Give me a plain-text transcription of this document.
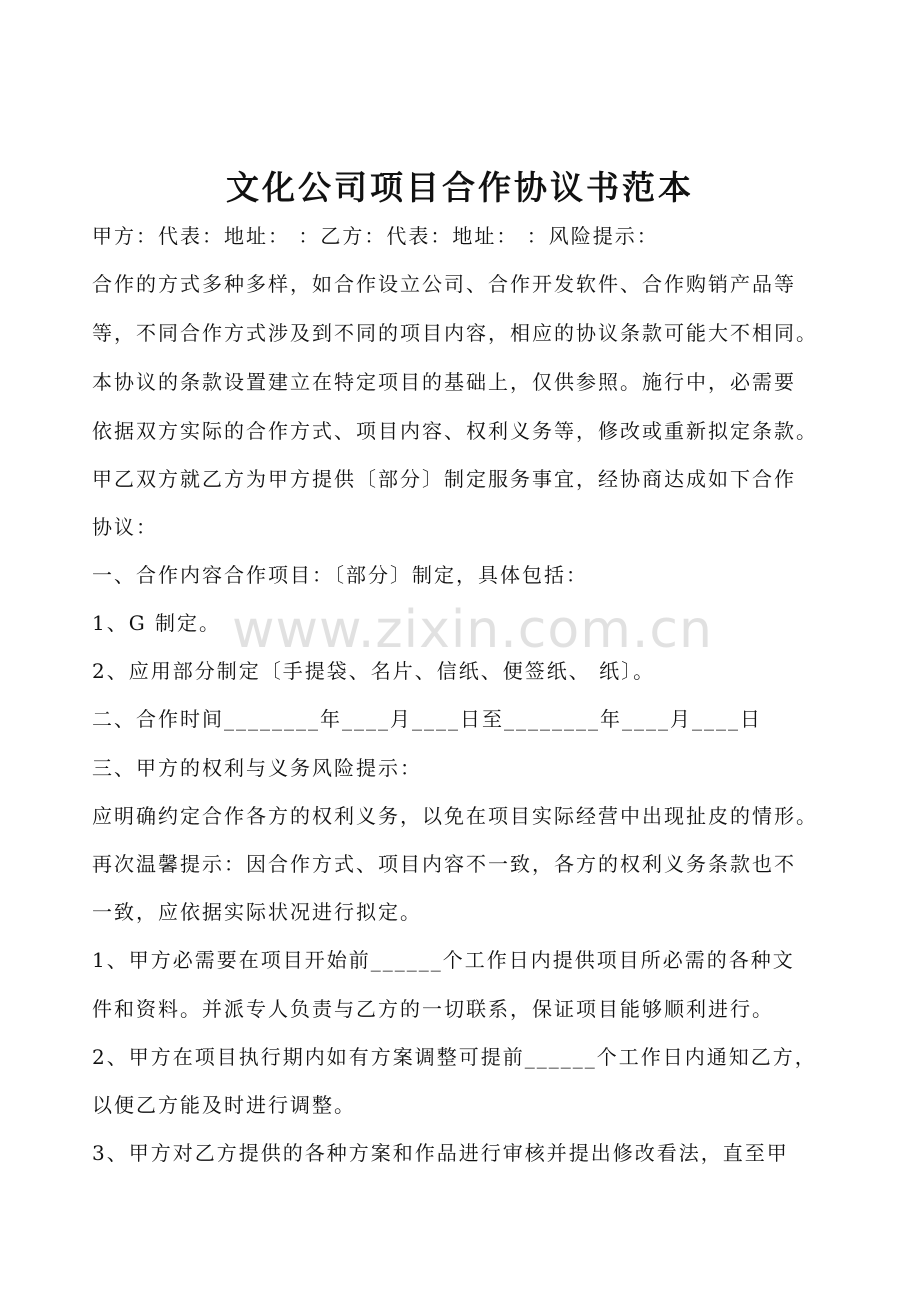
文化公司项目合作协议书范本
甲方：代表：地址： ：乙方：代表：地址： ：风险提示：
合作的方式多种多样，如合作设立公司、合作开发软件、合作购销产品等
等，不同合作方式涉及到不同的项目内容，相应的协议条款可能大不相同。
本协议的条款设置建立在特定项目的基础上，仅供参照。施行中，必需要
依据双方实际的合作方式、项目内容、权利义务等，修改或重新拟定条款。
甲乙双方就乙方为甲方提供〔部分〕制定服务事宜，经协商达成如下合作
协议：
一、合作内容合作项目：〔部分〕制定，具体包括：
1、G 制定。
2、应用部分制定〔手提袋、名片、信纸、便签纸、 纸〕。
二、合作时间________年____月____日至________年____月____日
三、甲方的权利与义务风险提示：
应明确约定合作各方的权利义务，以免在项目实际经营中出现扯皮的情形。
再次温馨提示：因合作方式、项目内容不一致，各方的权利义务条款也不
一致，应依据实际状况进行拟定。
1、甲方必需要在项目开始前______个工作日内提供项目所必需的各种文
件和资料。并派专人负责与乙方的一切联系，保证项目能够顺利进行。
2、甲方在项目执行期内如有方案调整可提前______个工作日内通知乙方，
以便乙方能及时进行调整。
3、甲方对乙方提供的各种方案和作品进行审核并提出修改看法，直至甲
www.zixin.com.cn
